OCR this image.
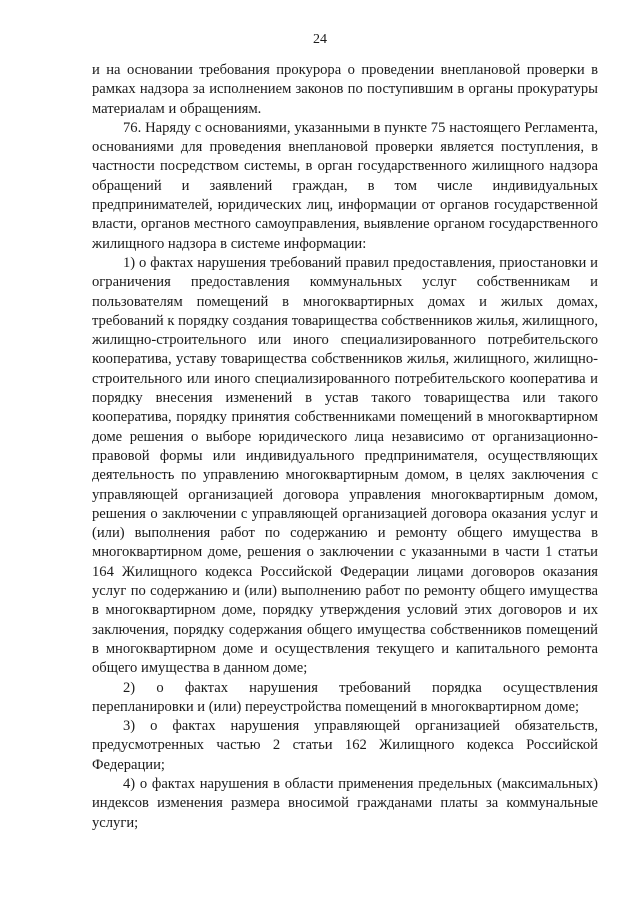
24

и на основании требования прокурора о проведении внеплановой проверки в рамках надзора за исполнением законов по поступившим в органы прокуратуры материалам и обращениям.

76. Наряду с основаниями, указанными в пункте 75 настоящего Регламента, основаниями для проведения внеплановой проверки является поступления, в частности посредством системы, в орган государственного жилищного надзора обращений и заявлений граждан, в том числе индивидуальных предпринимателей, юридических лиц, информации от органов государственной власти, органов местного самоуправления, выявление органом государственного жилищного надзора в системе информации:

1) о фактах нарушения требований правил предоставления, приостановки и ограничения предоставления коммунальных услуг собственникам и пользователям помещений в многоквартирных домах и жилых домах, требований к порядку создания товарищества собственников жилья, жилищного, жилищно-строительного или иного специализированного потребительского кооператива, уставу товарищества собственников жилья, жилищного, жилищно-строительного или иного специализированного потребительского кооператива и порядку внесения изменений в устав такого товарищества или такого кооператива, порядку принятия собственниками помещений в многоквартирном доме решения о выборе юридического лица независимо от организационно-правовой формы или индивидуального предпринимателя, осуществляющих деятельность по управлению многоквартирным домом, в целях заключения с управляющей организацией договора управления многоквартирным домом, решения о заключении с управляющей организацией договора оказания услуг и (или) выполнения работ по содержанию и ремонту общего имущества в многоквартирном доме, решения о заключении с указанными в части 1 статьи 164 Жилищного кодекса Российской Федерации лицами договоров оказания услуг по содержанию и (или) выполнению работ по ремонту общего имущества в многоквартирном доме, порядку утверждения условий этих договоров и их заключения, порядку содержания общего имущества собственников помещений в многоквартирном доме и осуществления текущего и капитального ремонта общего имущества в данном доме;

2) о фактах нарушения требований порядка осуществления перепланировки и (или) переустройства помещений в многоквартирном доме;

3) о фактах нарушения управляющей организацией обязательств, предусмотренных частью 2 статьи 162 Жилищного кодекса Российской Федерации;

4) о фактах нарушения в области применения предельных (максимальных) индексов изменения размера вносимой гражданами платы за коммунальные услуги;
